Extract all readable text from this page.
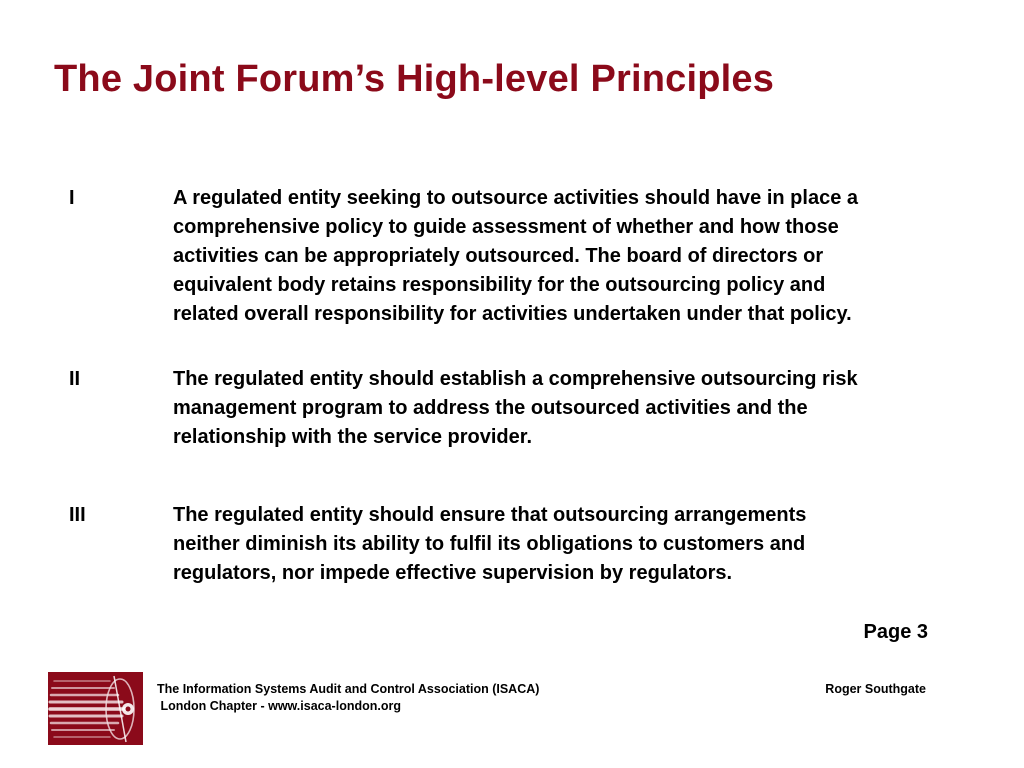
The Joint Forum’s High-level Principles
I	A regulated entity seeking to outsource activities should have in place a
comprehensive policy to guide assessment of whether and how those
activities can be appropriately outsourced. The board of directors or
equivalent body retains responsibility for the outsourcing policy and
related overall responsibility for activities undertaken under that policy.
II	The regulated entity should establish a comprehensive outsourcing risk
management program to address the outsourced activities and the
relationship with the service provider.
III	The regulated entity should ensure that outsourcing arrangements
neither diminish its ability to fulfil its obligations to customers and
regulators, nor impede effective supervision by regulators.
Page 3
The Information Systems Audit and Control Association (ISACA)
London Chapter - www.isaca-london.org
Roger Southgate
